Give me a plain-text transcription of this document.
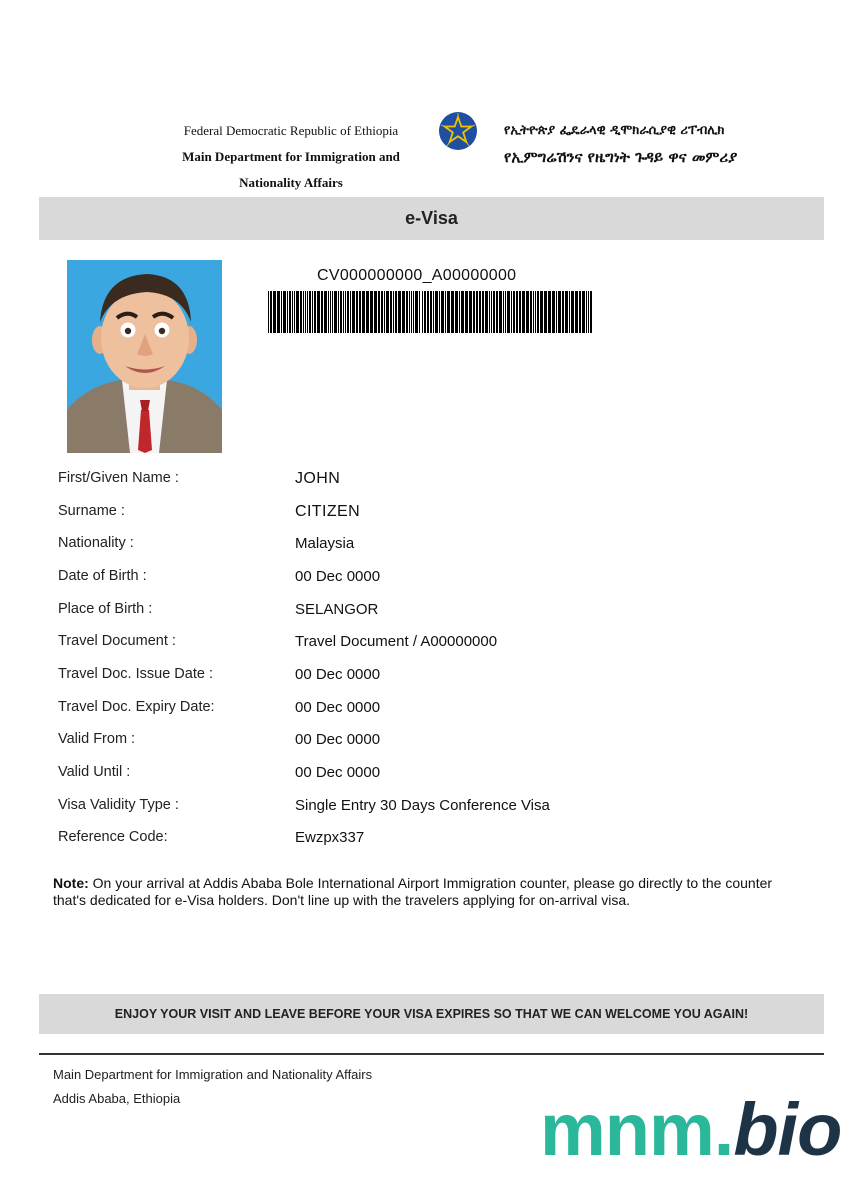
Federal Democratic Republic of Ethiopia
Main Department for Immigration and
Nationality Affairs
የኢትዮጵያ ፌዴራላዊ ዲሞክራሲያዊ ሪፐብሊክ
የኢምግሬሽንና የዜግነት ጉዳይ ዋና መምሪያ
e-Visa
CV000000000_A00000000
First/Given Name :	JOHN
Surname :	CITIZEN
Nationality :	Malaysia
Date of Birth :	00 Dec 0000
Place of Birth :	SELANGOR
Travel Document :	Travel Document / A00000000
Travel Doc. Issue Date :	00 Dec 0000
Travel Doc. Expiry Date:	00 Dec 0000
Valid From :	00 Dec 0000
Valid Until :	00 Dec 0000
Visa Validity Type :	Single Entry 30 Days Conference Visa
Reference Code:	Ewzpx337
Note: On your arrival at Addis Ababa Bole International Airport Immigration counter, please go directly to the counter that's dedicated for e-Visa holders. Don't line up with the travelers applying for on-arrival visa.
ENJOY YOUR VISIT AND LEAVE BEFORE YOUR VISA EXPIRES SO THAT WE CAN WELCOME YOU AGAIN!
Main Department for Immigration and Nationality Affairs
Addis Ababa, Ethiopia	mnm.bio
